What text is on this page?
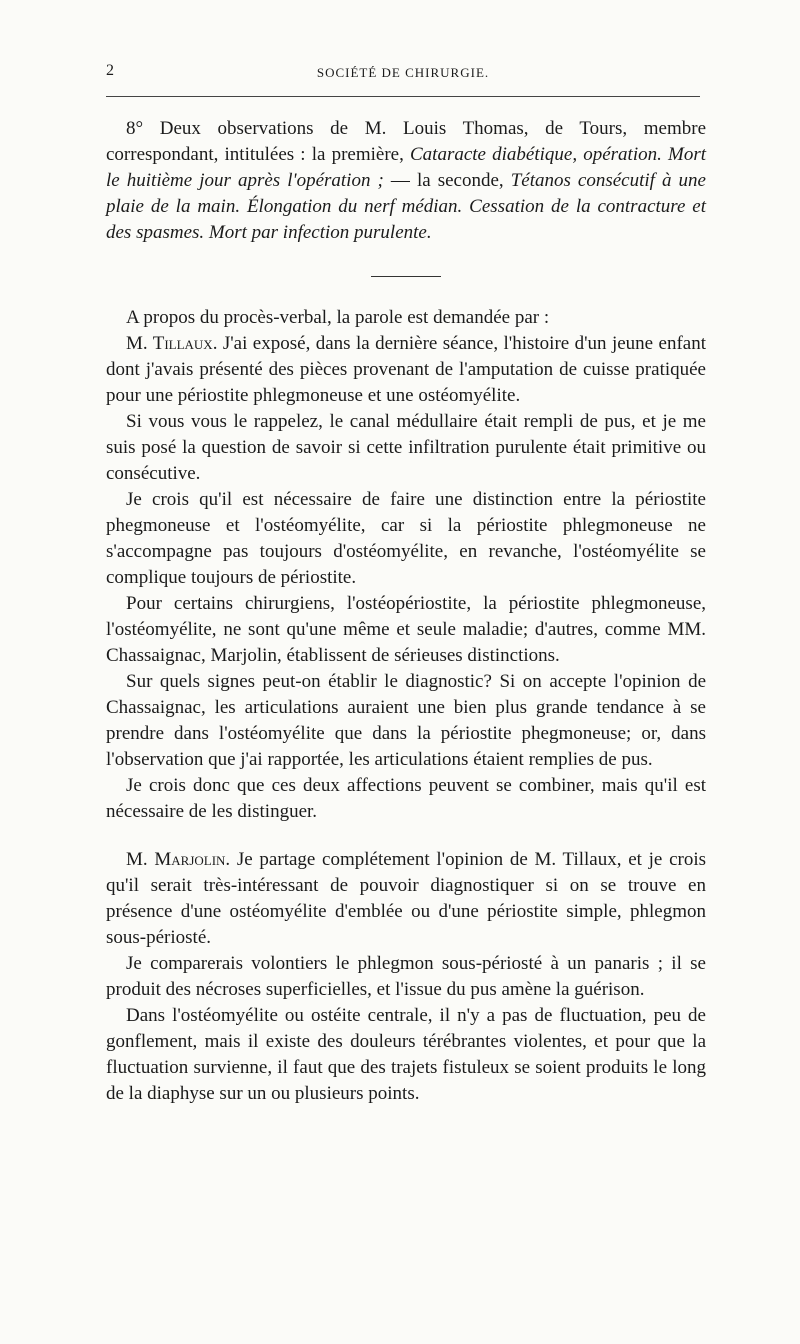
2	SOCIÉTÉ DE CHIRURGIE.

8° Deux observations de M. Louis Thomas, de Tours, membre correspondant, intitulées : la première, Cataracte diabétique, opération. Mort le huitième jour après l'opération ; — la seconde, Tétanos consécutif à une plaie de la main. Élongation du nerf médian. Cessation de la contracture et des spasmes. Mort par infection purulente.

A propos du procès-verbal, la parole est demandée par :

M. Tillaux. J'ai exposé, dans la dernière séance, l'histoire d'un jeune enfant dont j'avais présenté des pièces provenant de l'amputation de cuisse pratiquée pour une périostite phlegmoneuse et une ostéomyélite.

Si vous vous le rappelez, le canal médullaire était rempli de pus, et je me suis posé la question de savoir si cette infiltration purulente était primitive ou consécutive.

Je crois qu'il est nécessaire de faire une distinction entre la périostite phegmoneuse et l'ostéomyélite, car si la périostite phlegmoneuse ne s'accompagne pas toujours d'ostéomyélite, en revanche, l'ostéomyélite se complique toujours de périostite.

Pour certains chirurgiens, l'ostéopériostite, la périostite phlegmoneuse, l'ostéomyélite, ne sont qu'une même et seule maladie; d'autres, comme MM. Chassaignac, Marjolin, établissent de sérieuses distinctions.

Sur quels signes peut-on établir le diagnostic? Si on accepte l'opinion de Chassaignac, les articulations auraient une bien plus grande tendance à se prendre dans l'ostéomyélite que dans la périostite phegmoneuse; or, dans l'observation que j'ai rapportée, les articulations étaient remplies de pus.

Je crois donc que ces deux affections peuvent se combiner, mais qu'il est nécessaire de les distinguer.

M. Marjolin. Je partage complétement l'opinion de M. Tillaux, et je crois qu'il serait très-intéressant de pouvoir diagnostiquer si on se trouve en présence d'une ostéomyélite d'emblée ou d'une périostite simple, phlegmon sous-périosté.

Je comparerais volontiers le phlegmon sous-périosté à un panaris ; il se produit des nécroses superficielles, et l'issue du pus amène la guérison.

Dans l'ostéomyélite ou ostéite centrale, il n'y a pas de fluctuation, peu de gonflement, mais il existe des douleurs térébrantes violentes, et pour que la fluctuation survienne, il faut que des trajets fistuleux se soient produits le long de la diaphyse sur un ou plusieurs points.
